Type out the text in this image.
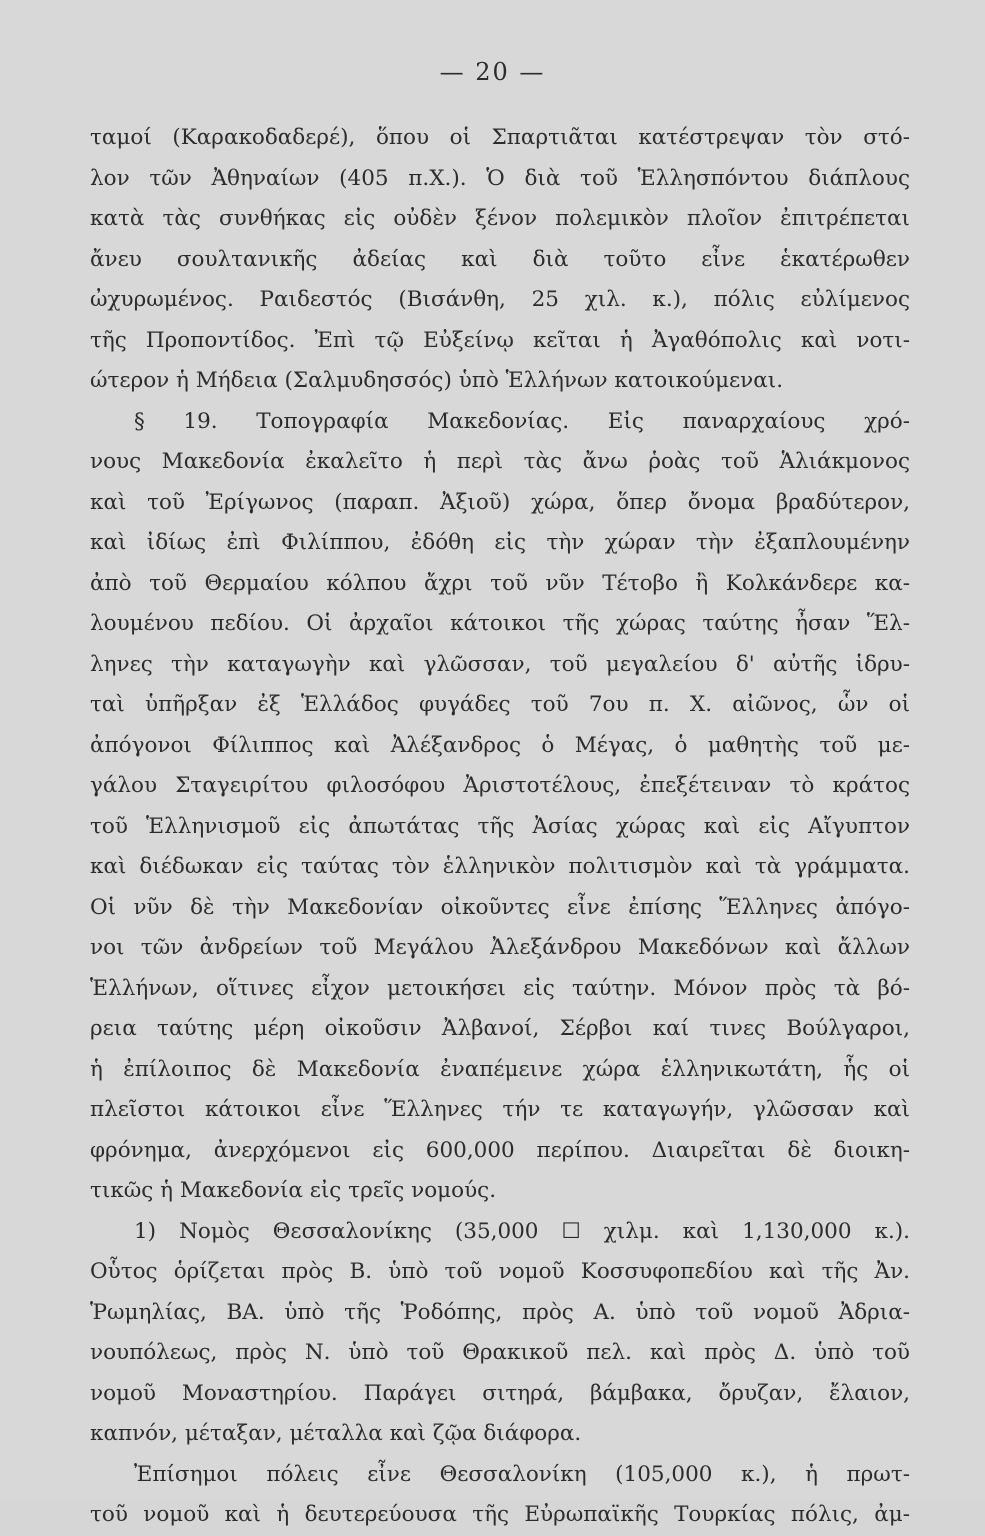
— 20 —
ταμοί (Καρακοδαδερέ), ὅπου οἱ Σπαρτιᾶται κατέστρεψαν τὸν στό-
λον τῶν Ἀθηναίων (405 π.Χ.). Ὁ διὰ τοῦ Ἑλλησπόντου διάπλους
κατὰ τὰς συνθήκας εἰς οὐδὲν ξένον πολεμικὸν πλοῖον ἐπιτρέπεται
ἄνευ σουλτανικῆς ἀδείας καὶ διὰ τοῦτο εἶνε ἑκατέρωθεν
ὠχυρωμένος. Ραιδεστός (Βισάνθη, 25 χιλ. κ.), πόλις εὐλίμενος
τῆς Προποντίδος. Ἐπὶ τῷ Εὐξείνῳ κεῖται ἡ Ἀγαθόπολις καὶ νοτι-
ώτερον ἡ Μήδεια (Σαλμυδησσός) ὑπὸ Ἑλλήνων κατοικούμεναι.
§ 19. Τοπογραφία Μακεδονίας. Εἰς παναρχαίους χρό-
νους Μακεδονία ἐκαλεῖτο ἡ περὶ τὰς ἄνω ῥοὰς τοῦ Ἁλιάκμονος
καὶ τοῦ Ἐρίγωνος (παραπ. Ἀξιοῦ) χώρα, ὅπερ ὄνομα βραδύτερον,
καὶ ἰδίως ἐπὶ Φιλίππου, ἐδόθη εἰς τὴν χώραν τὴν ἐξαπλουμένην
ἀπὸ τοῦ Θερμαίου κόλπου ἄχρι τοῦ νῦν Τέτοβο ἢ Κολκάνδερε κα-
λουμένου πεδίου. Οἱ ἀρχαῖοι κάτοικοι τῆς χώρας ταύτης ἦσαν Ἕλ-
ληνες τὴν καταγωγὴν καὶ γλῶσσαν, τοῦ μεγαλείου δ' αὐτῆς ἱδρυ-
ταὶ ὑπῆρξαν ἐξ Ἑλλάδος φυγάδες τοῦ 7ου π. Χ. αἰῶνος, ὧν οἱ
ἀπόγονοι Φίλιππος καὶ Ἀλέξανδρος ὁ Μέγας, ὁ μαθητὴς τοῦ με-
γάλου Σταγειρίτου φιλοσόφου Ἀριστοτέλους, ἐπεξέτειναν τὸ κράτος
τοῦ Ἑλληνισμοῦ εἰς ἀπωτάτας τῆς Ἀσίας χώρας καὶ εἰς Αἴγυπτον
καὶ διέδωκαν εἰς ταύτας τὸν ἑλληνικὸν πολιτισμὸν καὶ τὰ γράμματα.
Οἱ νῦν δὲ τὴν Μακεδονίαν οἰκοῦντες εἶνε ἐπίσης Ἕλληνες ἀπόγο-
νοι τῶν ἀνδρείων τοῦ Μεγάλου Ἀλεξάνδρου Μακεδόνων καὶ ἄλλων
Ἑλλήνων, οἵτινες εἶχον μετοικήσει εἰς ταύτην. Μόνον πρὸς τὰ βό-
ρεια ταύτης μέρη οἰκοῦσιν Ἀλβανοί, Σέρβοι καί τινες Βούλγαροι,
ἡ ἐπίλοιπος δὲ Μακεδονία ἐναπέμεινε χώρα ἑλληνικωτάτη, ἧς οἱ
πλεῖστοι κάτοικοι εἶνε Ἕλληνες τήν τε καταγωγήν, γλῶσσαν καὶ
φρόνημα, ἀνερχόμενοι εἰς 600,000 περίπου. Διαιρεῖται δὲ διοικη-
τικῶς ἡ Μακεδονία εἰς τρεῖς νομούς.
1) Νομὸς Θεσσαλονίκης (35,000 ☐ χιλμ. καὶ 1,130,000 κ.).
Οὗτος ὁρίζεται πρὸς Β. ὑπὸ τοῦ νομοῦ Κοσσυφοπεδίου καὶ τῆς Ἀν.
Ῥωμηλίας, ΒΑ. ὑπὸ τῆς Ῥοδόπης, πρὸς Α. ὑπὸ τοῦ νομοῦ Ἀδρια-
νουπόλεως, πρὸς Ν. ὑπὸ τοῦ Θρακικοῦ πελ. καὶ πρὸς Δ. ὑπὸ τοῦ
νομοῦ Μοναστηρίου. Παράγει σιτηρά, βάμβακα, ὄρυζαν, ἔλαιον,
καπνόν, μέταξαν, μέταλλα καὶ ζῷα διάφορα.
Ἐπίσημοι πόλεις εἶνε Θεσσαλονίκη (105,000 κ.), ἡ πρωτ-
τοῦ νομοῦ καὶ ἡ δευτερεύουσα τῆς Εὐρωπαϊκῆς Τουρκίας πόλις, ἀμ-
